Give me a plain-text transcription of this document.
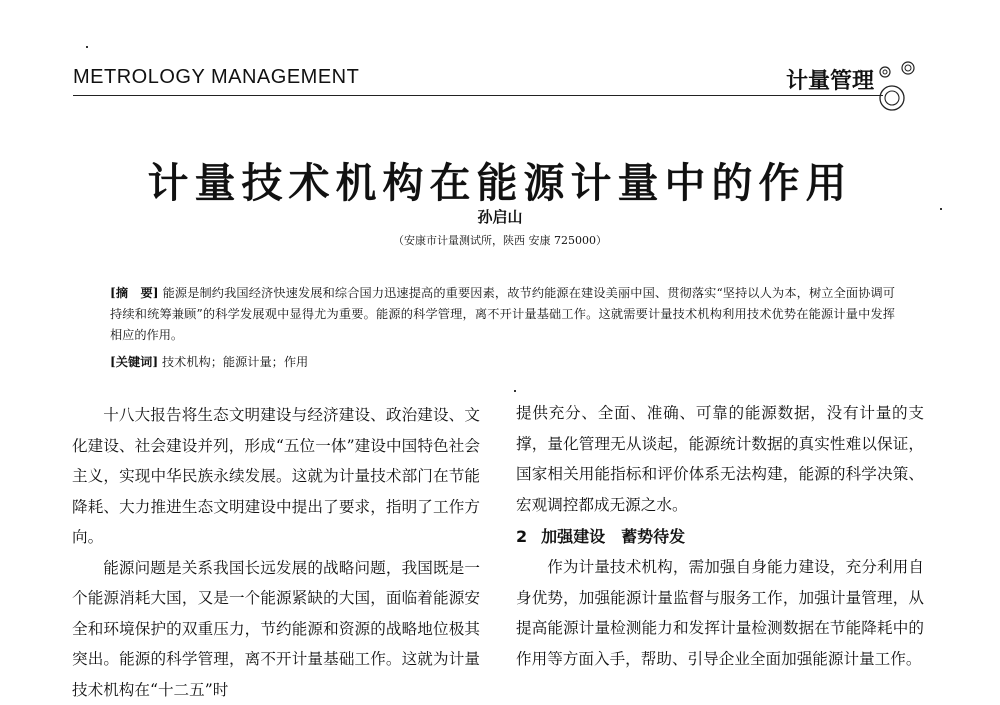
METROLOGY MANAGEMENT	计量管理
计量技术机构在能源计量中的作用
孙启山
（安康市计量测试所，陕西 安康 725000）
[摘　要] 能源是制约我国经济快速发展和综合国力迅速提高的重要因素，故节约能源在建设美丽中国、贯彻落实“坚持以人为本，树立全面协调可持续和统筹兼顾”的科学发展观中显得尤为重要。能源的科学管理，离不开计量基础工作。这就需要计量技术机构利用技术优势在能源计量中发挥相应的作用。
[关键词] 技术机构；能源计量；作用

十八大报告将生态文明建设与经济建设、政治建设、文化建设、社会建设并列，形成“五位一体”建设中国特色社会主义，实现中华民族永续发展。这就为计量技术部门在节能降耗、大力推进生态文明建设中提出了要求，指明了工作方向。

能源问题是关系我国长远发展的战略问题，我国既是一个能源消耗大国，又是一个能源紧缺的大国，面临着能源安全和环境保护的双重压力，节约能源和资源的战略地位极其突出。能源的科学管理，离不开计量基础工作。这就为计量技术机构在“十二五”时

提供充分、全面、准确、可靠的能源数据，没有计量的支撑，量化管理无从谈起，能源统计数据的真实性难以保证，国家相关用能指标和评价体系无法构建，能源的科学决策、宏观调控都成无源之水。

2 加强建设　蓄势待发

作为计量技术机构，需加强自身能力建设，充分利用自身优势，加强能源计量监督与服务工作，加强计量管理，从提高能源计量检测能力和发挥计量检测数据在节能降耗中的作用等方面入手，帮助、引导企业全面加强能源计量工作。
